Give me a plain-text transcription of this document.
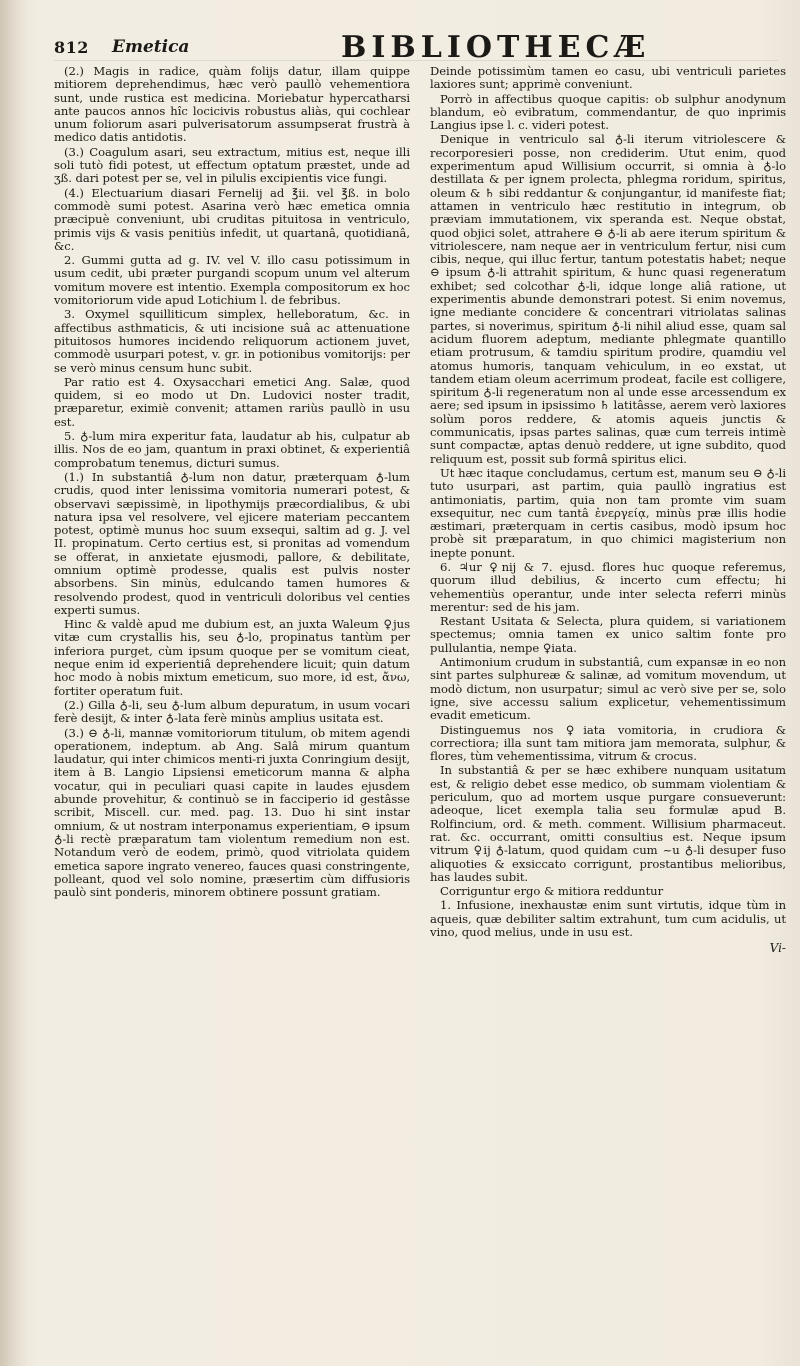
812 Emetica	BIBLIOTHECÆ

(2.) Magis in radice, quàm folijs datur, illam quippe mitiorem deprehendimus, hæc verò paullò vehementiora sunt, unde rustica est medicina. Moriebatur hypercatharsi ante paucos annos hîc locicivis robustus aliàs, qui cochlear unum foliorum asari pulverisatorum assumpserat frustrà à medico datis antidotis.

(3.) Coagulum asari, seu extractum, mitius est, neque illi soli tutò fidi potest, ut effectum optatum præstet, unde ad ʒß. dari potest per se, vel in pilulis excipientis vice fungi.

(4.) Electuarium diasari Fernelij ad ℥ii. vel ℥ß. in bolo commodè sumi potest. Asarina verò hæc emetica omnia præcipuè conveniunt, ubi cruditas pituitosa in ventriculo, primis vijs & vasis penitiùs infedit, ut quartanâ, quotidianâ, &c.

2. Gummi gutta ad g. IV. vel V. illo casu potissimum in usum cedit, ubi præter purgandi scopum unum vel alterum vomitum movere est intentio. Exempla compositorum ex hoc vomitoriorum vide apud Lotichium l. de febribus.

3. Oxymel squilliticum simplex, helleboratum, &c. in affectibus asthmaticis, & uti incisione suâ ac attenuatione pituitosos humores incidendo reliquorum actionem juvet, commodè usurpari potest, v. gr. in potionibus vomitorijs: per se verò minus censum hunc subit.

Par ratio est 4. Oxysacchari emetici Ang. Salæ, quod quidem, si eo modo ut Dn. Ludovici noster tradit, præparetur, eximiè convenit; attamen rariùs paullò in usu est.

5. ♁-lum mira experitur fata, laudatur ab his, culpatur ab illis. Nos de eo jam, quantum in praxi obtinet, & experientiâ comprobatum tenemus, dicturi sumus.

(1.) In substantiâ ♁-lum non datur, præterquam ♁-lum crudis, quod inter lenissima vomitoria numerari potest, & observavi sæpissimè, in lipothymijs præcordialibus, & ubi natura ipsa vel resolvere, vel ejicere materiam peccantem potest, optimè munus hoc suum exsequi, saltim ad g. J. vel II. propinatum. Certo certius est, si pronitas ad vomendum se offerat, in anxietate ejusmodi, pallore, & debilitate, omnium optimè prodesse, qualis est pulvis noster absorbens. Sin minùs, edulcando tamen humores & resolvendo prodest, quod in ventriculi doloribus vel centies experti sumus.

Hinc & valdè apud me dubium est, an juxta Waleum ♀jus vitæ cum crystallis his, seu ♁-lo, propinatus tantùm per inferiora purget, cùm ipsum quoque per se vomitum cieat, neque enim id experientiâ deprehendere licuit; quin datum hoc modo à nobis mixtum emeticum, suo more, id est, ἄνω, fortiter operatum fuit.

(2.) Gilla ♁-li, seu ♁-lum album depuratum, in usum vocari ferè desijt, & inter ♁-lata ferè minùs amplius usitata est.

(3.) ⊖ ♁-li, mannæ vomitoriorum titulum, ob mitem agendi operationem, indeptum. ab Ang. Salâ mirum quantum laudatur, qui inter chimicos menti-ri juxta Conringium desijt, item à B. Langio Lipsiensi emeticorum manna & alpha vocatur, qui in peculiari quasi capite in laudes ejusdem abunde provehitur, & continuò se in facciperio id gestâsse scribit, Miscell. cur. med. pag. 13. Duo hi sint instar omnium, & ut nostram interponamus experientiam, ⊖ ipsum ♁-li rectè præparatum tam violentum remedium non est. Notandum verò de eodem, primò, quod vitriolata quidem emetica sapore ingrato venereo, fauces quasi constringente, polleant, quod vel solo nomine, præsertim cùm diffusioris paulò sint ponderis, minorem obtinere possunt gratiam.

Deinde potissimùm tamen eo casu, ubi ventriculi parietes laxiores sunt; apprimè conveniunt.

Porrò in affectibus quoque capitis: ob sulphur anodynum blandum, eò evibratum, commendantur, de quo inprimis Langius ipse l. c. videri potest.

Denique in ventriculo sal ♁-li iterum vitriolescere & recorporesieri posse, non crediderim. Utut enim, quod experimentum apud Willisium occurrit, si omnia à ♁-lo destillata & per ignem proleсta, phlegma roridum, spiritus, oleum & ♄ sibi reddantur & conjungantur, id manifeste fiat; attamen in ventriculo hæc restitutio in integrum, ob præviam immutationem, vix speranda est. Neque obstat, quod objici solet, attrahere ⊖ ♁-li ab aere iterum spiritum & vitriolescere, nam neque aer in ventriculum fertur, nisi cum cibis, neque, qui illuc fertur, tantum potestatis habet; neque ⊖ ipsum ♁-li attrahit spiritum, & hunc quasi regeneratum exhibet; sed colcothar ♁-li, idque longe aliâ ratione, ut experimentis abunde demonstrari potest. Si enim novemus, igne mediante concidere & concentrari vitriolatas salinas partes, si noverimus, spiritum ♁-li nihil aliud esse, quam sal acidum fluorem adeptum, mediante phlegmate quantillo etiam protrusum, & tamdiu spiritum prodire, quamdiu vel atomus humoris, tanquam vehiculum, in eo exstat, ut tandem etiam oleum acerrimum prodeat, facile est colligere, spiritum ♁-li regeneratum non al unde esse arcessendum ex aere; sed ipsum in ipsissimo ♄ latitâsse, aerem verò laxiores solùm poros reddere, & atomis aqueis junctis & communicatis, ipsas partes salinas, quæ cum terreis intimè sunt compactæ, aptas denuò reddere, ut igne subdito, quod reliquum est, possit sub formâ spiritus elici.

Ut hæc itaque concludamus, certum est, manum seu ⊖ ♁-li tuto usurpari, ast partim, quia paullò ingratius est antimoniatis, partim, quia non tam promte vim suam exsequitur, nec cum tantâ ἐνεργείᾳ, minùs præ illis hodie æstimari, præterquam in certis casibus, modò ipsum hoc probè sit præparatum, in quo chimici magisterium non inepte ponunt.

6. ♃ur ♀nij & 7. ejusd. flores huc quoque referemus, quorum illud debilius, & incerto cum effectu; hi vehementiùs operantur, unde inter selecta referri minùs merentur: sed de his jam.

Restant Usitata & Selecta, plura quidem, si variationem spectemus; omnia tamen ex unico saltim fonte pro pullulantia, nempe ♀iata.

Antimonium crudum in substantiâ, cum expansæ in eo non sint partes sulphureæ & salinæ, ad vomitum movendum, ut modò dictum, non usurpatur; simul ac verò sive per se, solo igne, sive accessu salium explicetur, vehementissimum evadit emeticum.

Distinguemus nos ♀iata vomitoria, in crudiora & correctiora; illa sunt tam mitiora jam memorata, sulphur, & flores, tùm vehementissima, vitrum & crocus.

In substantiâ & per se hæc exhibere nunquam usitatum est, & religio debet esse medico, ob summam violentiam & periculum, quo ad mortem usque purgare consueverunt: adeoque, licet exempla talia seu formulæ apud B. Rolfincium, ord. & meth. comment. Willisium pharmaceut. rat. &c. occurrant, omitti consultius est. Neque ipsum vitrum ♀ij ♁-latum, quod quidam cum ~u ♁-li desuper fuso aliquoties & exsiccato corrigunt, prostantibus melioribus, has laudes subit.

Corriguntur ergo & mitiora redduntur

1. Infusione, inexhaustæ enim sunt virtutis, idque tùm in aqueis, quæ debiliter saltim extrahunt, tum cum acidulis, ut vino, quod melius, unde in usu est.

Vi-
